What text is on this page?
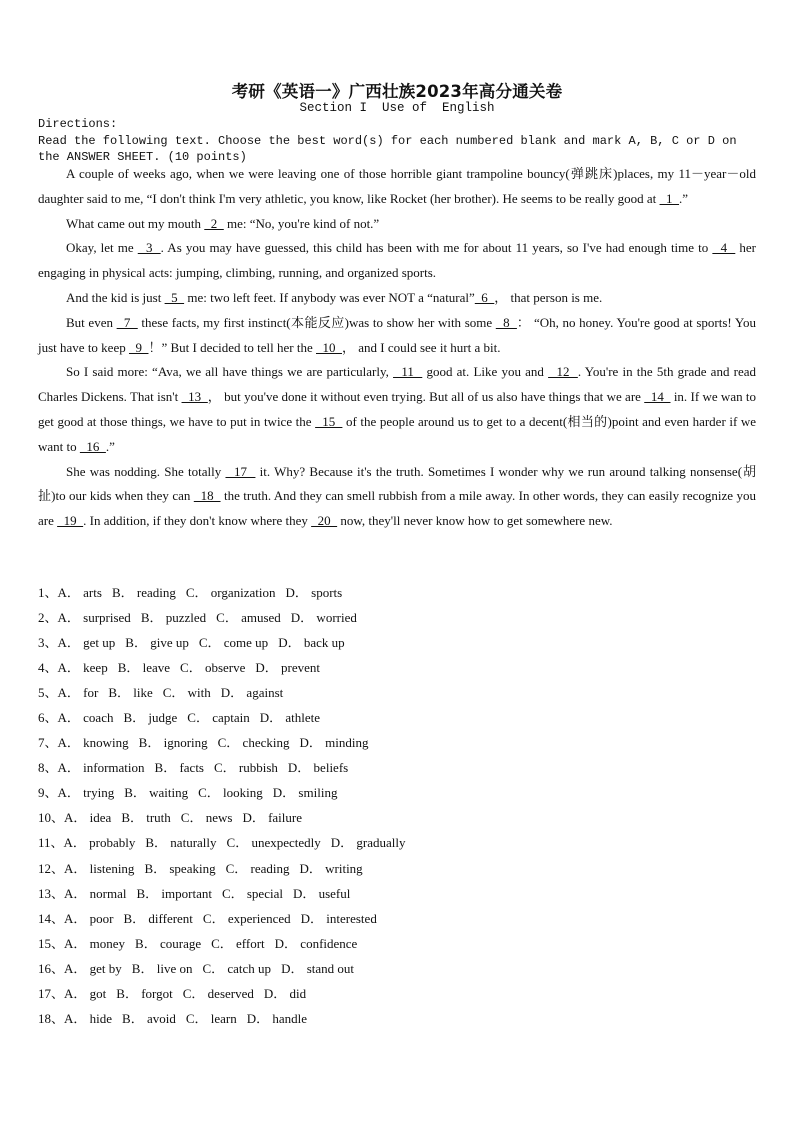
考研《英语一》广西壮族2023年高分通关卷
Section I  Use of  English
Directions:
Read the following text. Choose the best word(s) for each numbered blank and mark A, B, C or D on the ANSWER SHEET. (10 points)

A couple of weeks ago, when we were leaving one of those horrible giant trampoline bouncy(弹跳床)places, my 11－year－old daughter said to me, “I don't think I'm very athletic, you know, like Rocket (her brother). He seems to be really good at   1  .”

What came out my mouth   2   me: “No, you're kind of not.”

Okay, let me   3  . As you may have guessed, this child has been with me for about 11 years, so I've had enough time to   4   her engaging in physical acts: jumping, climbing, running, and organized sports.

And the kid is just   5   me: two left feet. If anybody was ever NOT a “natural”  6  ， that person is me.

But even   7   these facts, my first instinct(本能反应)was to show her with some   8  ： “Oh, no honey. You're good at sports! You just have to keep   9  ！” But I decided to tell her the   10  ， and I could see it hurt a bit.

So I said more: “Ava, we all have things we are particularly,   11   good at. Like you and   12  . You're in the 5th grade and read Charles Dickens. That isn't   13  ， but you've done it without even trying. But all of us also have things that we are   14   in. If we wan to get good at those things, we have to put in twice the   15   of the people around us to get to a decent(相当的)point and even harder if we want to   16  .”

She was nodding. She totally   17   it. Why? Because it's the truth. Sometimes I wonder why we run around talking nonsense(胡扯)to our kids when they can   18   the truth. And they can smell rubbish from a mile away. In other words, they can easily recognize you are   19  . In addition, if they don't know where they   20   now, they'll never know how to get somewhere new.

1、A． arts B． reading C． organization D． sports
2、A． surprised B． puzzled C． amused D． worried
3、A． get up B． give up C． come up D． back up
4、A． keep B． leave C． observe D． prevent
5、A． for B． like C． with D． against
6、A． coach B． judge C． captain D． athlete
7、A． knowing B． ignoring C． checking D． minding
8、A． information B． facts C． rubbish D． beliefs
9、A． trying B． waiting C． looking D． smiling
10、A． idea B． truth C． news D． failure
11、A． probably B． naturally C． unexpectedly D． gradually
12、A． listening B． speaking C． reading D． writing
13、A． normal B． important C． special D． useful
14、A． poor B． different C． experienced D． interested
15、A． money B． courage C． effort D． confidence
16、A． get by B． live on C． catch up D． stand out
17、A． got B． forgot C． deserved D． did
18、A． hide B． avoid C． learn D． handle
